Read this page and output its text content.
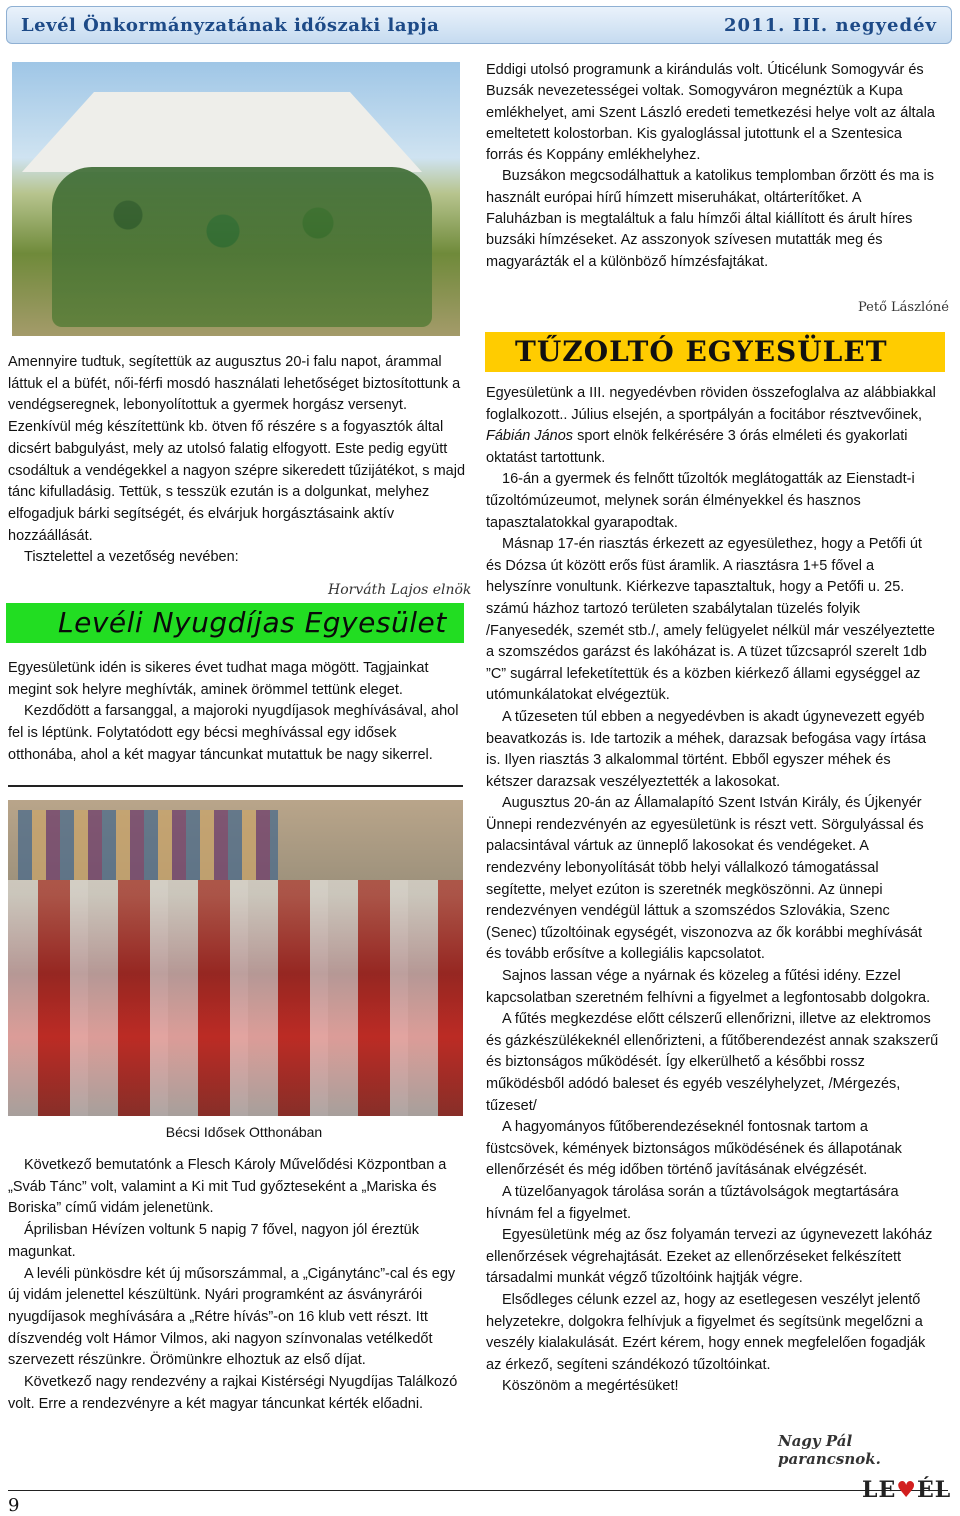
Levél Önkormányzatának időszaki lapja	2011. III. negyedév

Amennyire tudtuk, segítettük az augusztus 20-i falu napot, árammal láttuk el a büfét, női-férfi mosdó használati lehetőséget biztosítottunk a vendégseregnek, lebonyolítottuk a gyermek horgász versenyt. Ezenkívül még készítettünk kb. ötven fő részére s a fogyasztók által dicsért babgulyást, mely az utolsó falatig elfogyott. Este pedig együtt csodáltuk a vendégekkel a nagyon szépre sikeredett tűzijátékot, s majd tánc kifulladásig. Tettük, s tesszük ezután is a dolgunkat, melyhez elfogadjuk bárki segítségét, és elvárjuk horgásztásaink aktív hozzáállását.

Tisztelettel a vezetőség nevében:

Horváth Lajos elnök
Levéli Nyugdíjas Egyesület

Egyesületünk idén is sikeres évet tudhat maga mögött. Tagjainkat megint sok helyre meghívták, aminek örömmel tettünk eleget.

Kezdődött a farsanggal, a majoroki nyugdíjasok meghívásával, ahol fel is léptünk. Folytatódott egy bécsi meghívással egy idősek otthonába, ahol a két magyar táncunkat mutattuk be nagy sikerrel.

Bécsi Idősek Otthonában

Következő bemutatónk a Flesch Károly Művelődési Központban a „Sváb Tánc” volt, valamint a Ki mit Tud győzteseként a „Mariska és Boriska” című vidám jelenetünk.

Áprilisban Hévízen voltunk 5 napig 7 fővel, nagyon jól éreztük magunkat.

A levéli pünkösdre két új műsorszámmal, a „Cigánytánc”-cal és egy új vidám jelenettel készültünk. Nyári programként az ásványrárói nyugdíjasok meghívására a „Rétre hívás”-on 16 klub vett részt. Itt díszvendég volt Hámor Vilmos, aki nagyon színvonalas vetélkedőt szervezett részünkre. Örömünkre elhoztuk az első díjat.

Következő nagy rendezvény a rajkai Kistérségi Nyugdíjas Találkozó volt. Erre a rendezvényre a két magyar táncunkat kérték előadni.

Eddigi utolsó programunk a kirándulás volt. Úticélunk Somogyvár és Buzsák nevezetességei voltak. Somogyváron megnéztük a Kupa emlékhelyet, ami Szent László eredeti temetkezési helye volt az általa emeltetett kolostorban. Kis gyaloglással jutottunk el a Szentesica forrás és Koppány emlékhelyhez.

Buzsákon megcsodálhattuk a katolikus templomban őrzött és ma is használt európai hírű hímzett miseruhákat, oltárterítőket. A Faluházban is megtaláltuk a falu hímzői által kiállított és árult híres buzsáki hímzéseket. Az asszonyok szívesen mutatták meg és magyarázták el a különböző hímzésfajtákat.

Pető Lászlóné
TŰZOLTÓ EGYESÜLET

Egyesületünk a III. negyedévben röviden összefoglalva az alábbiakkal foglalkozott.. Július elsején, a sportpályán a focitábor résztvevőinek, Fábián János sport elnök felkérésére 3 órás elméleti és gyakorlati oktatást tartottunk.

16-án a gyermek és felnőtt tűzoltók meglátogatták az Eienstadt-i tűzoltómúzeumot, melynek során élményekkel és hasznos tapasztalatokkal gyarapodtak.

Másnap 17-én riasztás érkezett az egyesülethez, hogy a Petőfi út és Dózsa út között erős füst áramlik. A riasztásra 1+5 fővel a helyszínre vonultunk. Kiérkezve tapasztaltuk, hogy a Petőfi u. 25. számú házhoz tartozó területen szabálytalan tüzelés folyik /Fanyesedék, szemét stb./, amely felügyelet nélkül már veszélyeztette a szomszédos garázst és lakóházat is. A tüzet tűzcsapról szerelt 1db ”C” sugárral lefeketítettük és a közben kiérkező állami egységgel az utómunkálatokat elvégeztük.

A tűzeseten túl ebben a negyedévben is akadt úgynevezett egyéb beavatkozás is. Ide tartozik a méhek, darazsak befogása vagy írtása is. Ilyen riasztás 3 alkalommal történt. Ebből egyszer méhek és kétszer darazsak veszélyeztették a lakosokat.

Augusztus 20-án az Államalapító Szent István Király, és Újkenyér Ünnepi rendezvényén az egyesületünk is részt vett. Sörgulyással és palacsintával vártuk az ünneplő lakosokat és vendégeket. A rendezvény lebonyolítását több helyi vállalkozó támogatással segítette, melyet ezúton is szeretnék megköszönni. Az ünnepi rendezvényen vendégül láttuk a szomszédos Szlovákia, Szenc (Senec) tűzoltóinak egységét, viszonozva az ők korábbi meghívását és tovább erősítve a kollegiális kapcsolatot.

Sajnos lassan vége a nyárnak és közeleg a fűtési idény. Ezzel kapcsolatban szeretném felhívni a figyelmet a legfontosabb dolgokra.

A fűtés megkezdése előtt célszerű ellenőrizni, illetve az elektromos és gázkészülékeknél ellenőrizteni, a fűtőberendezést annak szakszerű és biztonságos működését. Így elkerülhető a későbbi rossz működésből adódó baleset és egyéb veszélyhelyzet, /Mérgezés, tűzeset/

A hagyományos fűtőberendezéseknél fontosnak tartom a füstcsövek, kémények biztonságos működésének és állapotának ellenőrzését és még időben történő javításának elvégzését.

A tüzelőanyagok tárolása során a tűztávolságok megtartására hívnám fel a figyelmet.

Egyesületünk még az ősz folyamán tervezi az úgynevezett lakóház ellenőrzések végrehajtását. Ezeket az ellenőrzéseket felkészített társadalmi munkát végző tűzoltóink hajtják végre.

Elsődleges célunk ezzel az, hogy az esetlegesen veszélyt jelentő helyzetekre, dolgokra felhívjuk a figyelmet és segítsünk megelőzni a veszély kialakulását. Ezért kérem, hogy ennek megfelelően fogadják az érkező, segíteni szándékozó tűzoltóinkat.

Köszönöm a megértésüket!

Nagy Pál parancsnok.
9
LE♥ÉL
